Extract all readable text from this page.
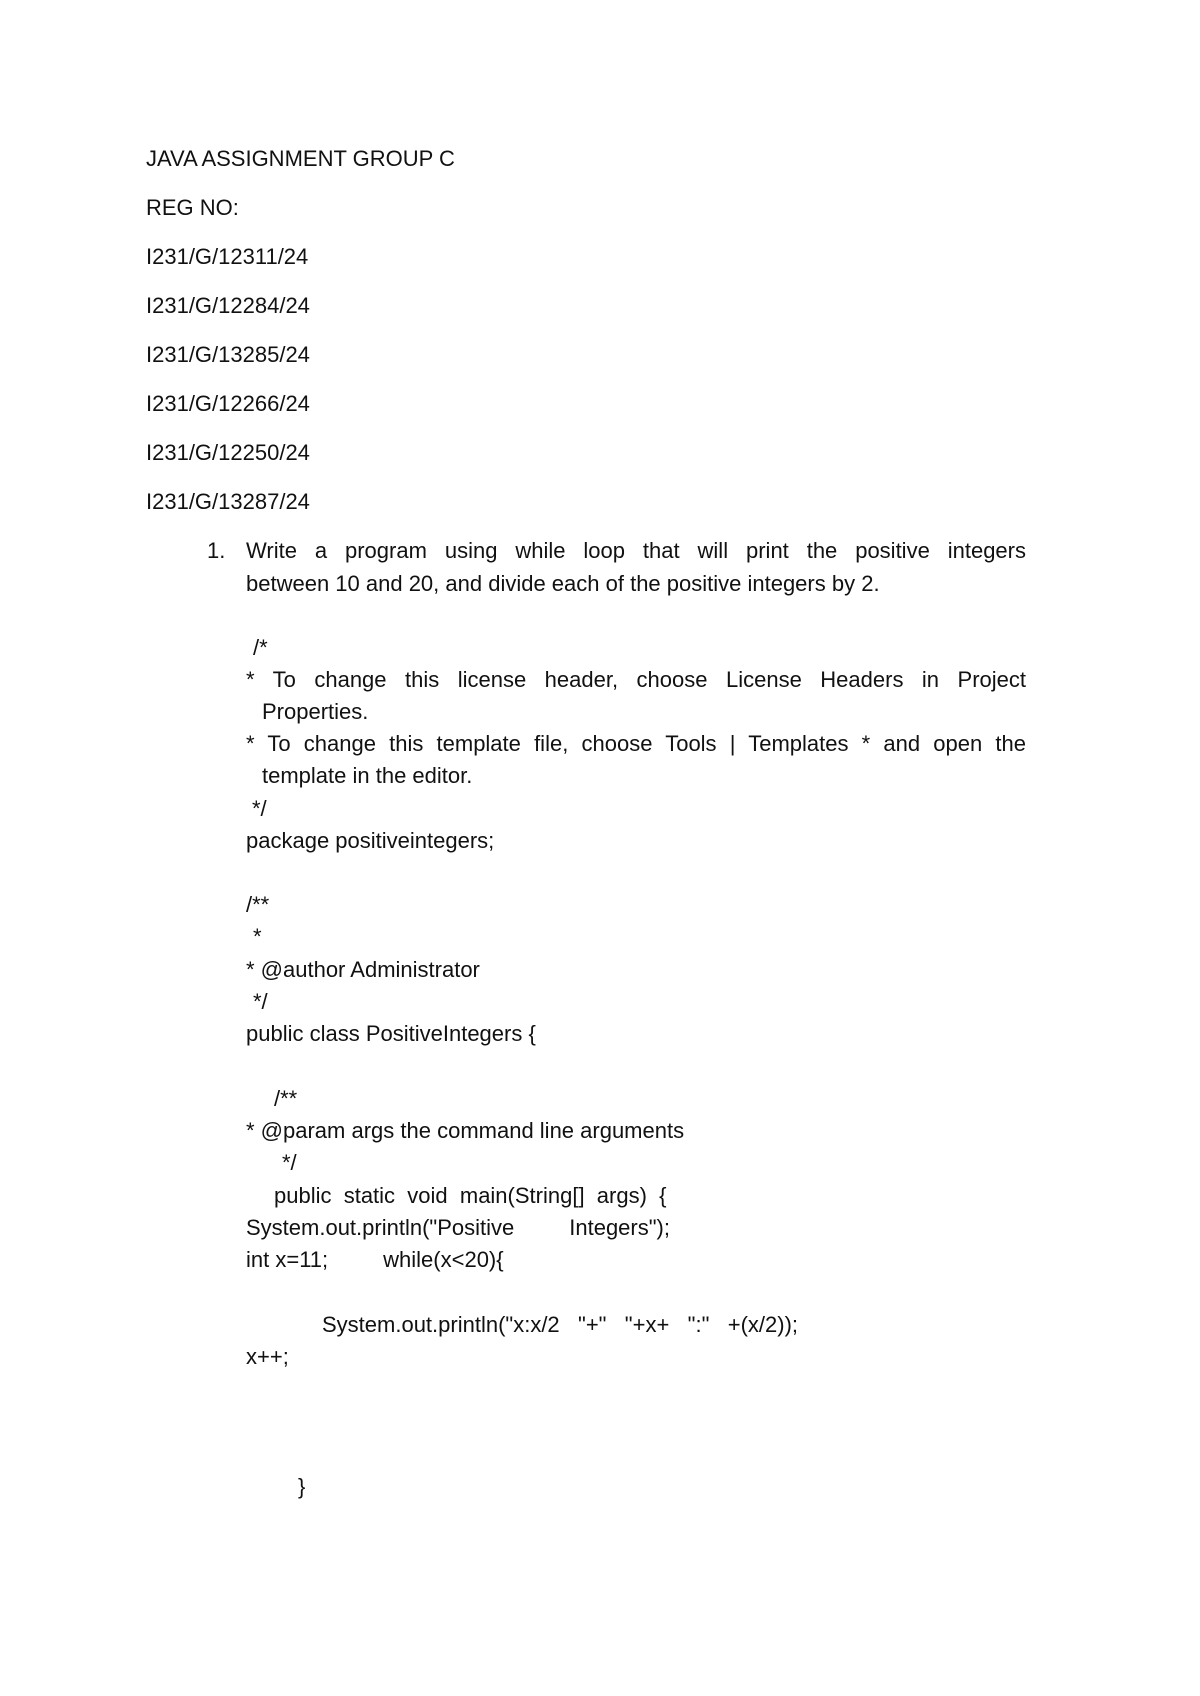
JAVA ASSIGNMENT GROUP C
REG NO:
I231/G/12311/24
I231/G/12284/24
I231/G/13285/24
I231/G/12266/24
I231/G/12250/24
I231/G/13287/24
1. Write a program using while loop that will print the positive integers
between 10 and 20, and divide each of the positive integers by 2.
/*
* To change this license header, choose License Headers in Project
Properties.
* To change this template file, choose Tools | Templates * and open the
template in the editor.
*/
package positiveintegers;
/**
*
* @author Administrator
*/
public class PositiveIntegers {
/**
* @param args the command line arguments
*/
public  static  void  main(String[]  args)  {
System.out.println("Positive         Integers");
int x=11;         while(x<20){
System.out.println("x:x/2   "+"   "+x+   ":"   +(x/2));
x++;
}
